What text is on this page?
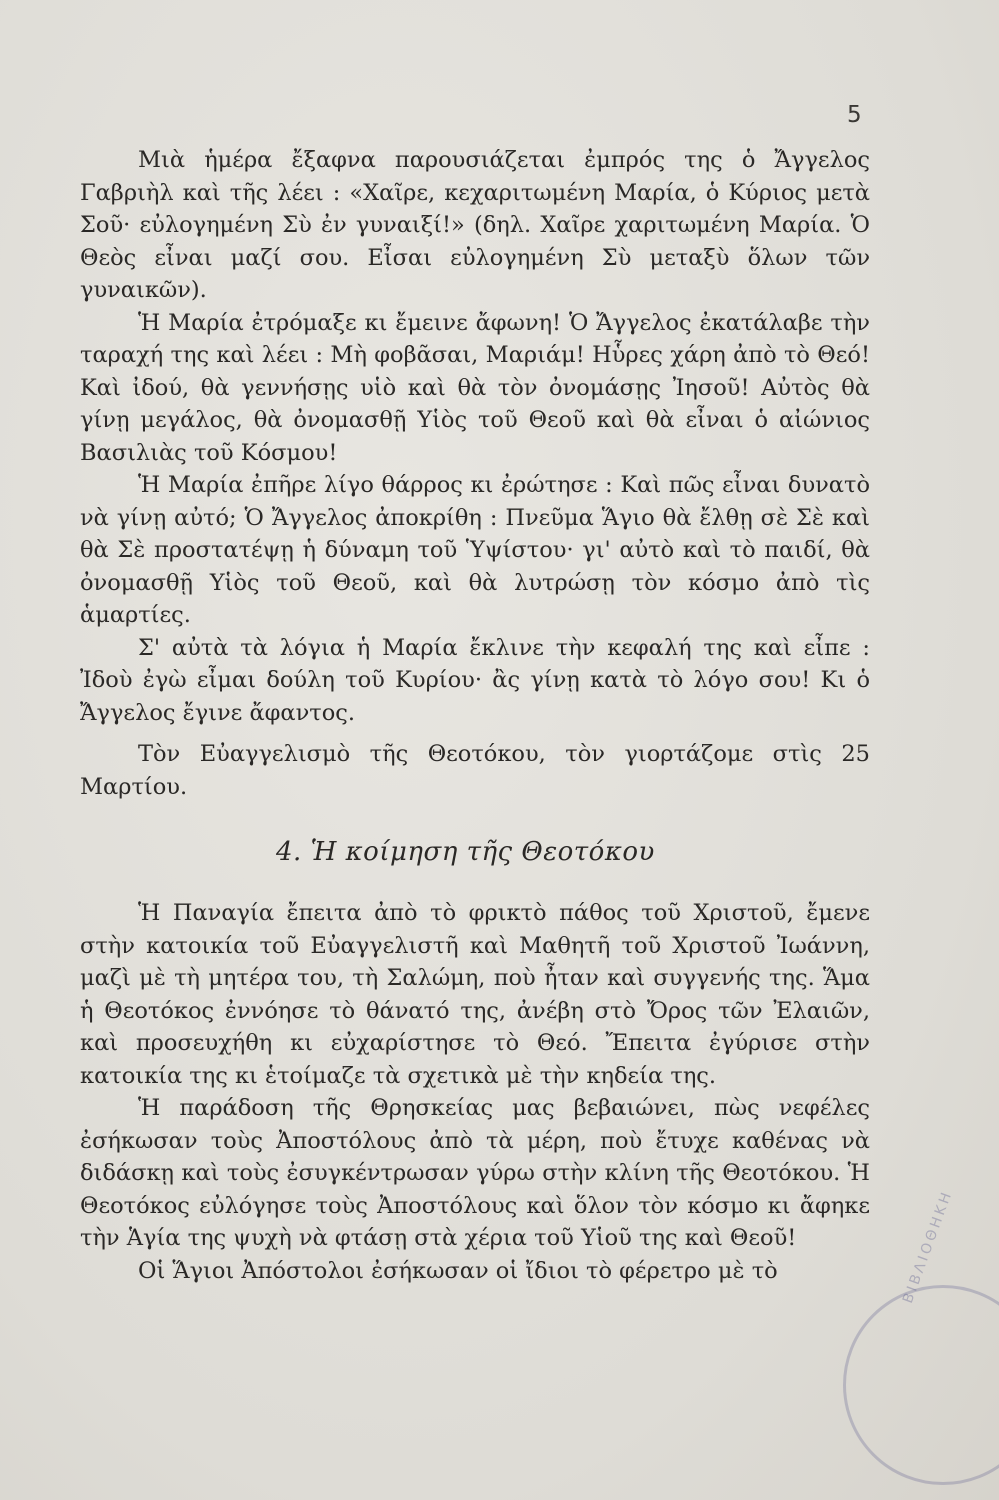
5

Μιὰ ἡμέρα ἔξαφνα παρουσιάζεται ἐμπρός της ὁ Ἄγγελος Γαβριὴλ καὶ τῆς λέει : «Χαῖρε, κεχαριτωμένη Μαρία, ὁ Κύριος μετὰ Σοῦ· εὐλογημένη Σὺ ἐν γυναιξί!» (δηλ. Χαῖρε χαριτωμένη Μαρία. Ὁ Θεὸς εἶναι μαζί σου. Εἶσαι εὐλογημένη Σὺ μεταξὺ ὅλων τῶν γυναικῶν).

Ἡ Μαρία ἐτρόμαξε κι ἔμεινε ἄφωνη! Ὁ Ἄγγελος ἐκατάλαβε τὴν ταραχή της καὶ λέει : Μὴ φοβᾶσαι, Μαριάμ! Ηὗρες χάρη ἀπὸ τὸ Θεό! Καὶ ἰδού, θὰ γεννήσῃς υἱὸ καὶ θὰ τὸν ὀνομάσῃς Ἰησοῦ! Αὐτὸς θὰ γίνῃ μεγάλος, θὰ ὀνομασθῇ Υἱὸς τοῦ Θεοῦ καὶ θὰ εἶναι ὁ αἰώνιος Βασιλιὰς τοῦ Κόσμου!

Ἡ Μαρία ἐπῆρε λίγο θάρρος κι ἐρώτησε : Καὶ πῶς εἶναι δυνατὸ νὰ γίνῃ αὐτό; Ὁ Ἄγγελος ἀποκρίθη : Πνεῦμα Ἅγιο θὰ ἔλθῃ σὲ Σὲ καὶ θὰ Σὲ προστατέψῃ ἡ δύναμη τοῦ Ὑψίστου· γι' αὐτὸ καὶ τὸ παιδί, θὰ ὀνομασθῇ Υἱὸς τοῦ Θεοῦ, καὶ θὰ λυτρώσῃ τὸν κόσμο ἀπὸ τὶς ἁμαρτίες.

Σ' αὐτὰ τὰ λόγια ἡ Μαρία ἔκλινε τὴν κεφαλή της καὶ εἶπε : Ἰδοὺ ἐγὼ εἶμαι δούλη τοῦ Κυρίου· ἂς γίνῃ κατὰ τὸ λόγο σου! Κι ὁ Ἄγγελος ἔγινε ἄφαντος.

Τὸν Εὐαγγελισμὸ τῆς Θεοτόκου, τὸν γιορτάζομε στὶς 25 Μαρτίου.

4. Ἡ κοίμηση τῆς Θεοτόκου

Ἡ Παναγία ἔπειτα ἀπὸ τὸ φρικτὸ πάθος τοῦ Χριστοῦ, ἔμενε στὴν κατοικία τοῦ Εὐαγγελιστῆ καὶ Μαθητῆ τοῦ Χριστοῦ Ἰωάννη, μαζὶ μὲ τὴ μητέρα του, τὴ Σαλώμη, ποὺ ἦταν καὶ συγγενής της. Ἅμα ἡ Θεοτόκος ἐννόησε τὸ θάνατό της, ἀνέβη στὸ Ὄρος τῶν Ἐλαιῶν, καὶ προσευχήθη κι εὐχαρίστησε τὸ Θεό. Ἔπειτα ἐγύρισε στὴν κατοικία της κι ἑτοίμαζε τὰ σχετικὰ μὲ τὴν κηδεία της.

Ἡ παράδοση τῆς Θρησκείας μας βεβαιώνει, πὼς νεφέλες ἐσήκωσαν τοὺς Ἀποστόλους ἀπὸ τὰ μέρη, ποὺ ἔτυχε καθένας νὰ διδάσκῃ καὶ τοὺς ἐσυγκέντρωσαν γύρω στὴν κλίνη τῆς Θεοτόκου. Ἡ Θεοτόκος εὐλόγησε τοὺς Ἀποστόλους καὶ ὅλον τὸν κόσμο κι ἄφηκε τὴν Ἁγία της ψυχὴ νὰ φτάσῃ στὰ χέρια τοῦ Υἱοῦ της καὶ Θεοῦ!

Οἱ Ἅγιοι Ἀπόστολοι ἐσήκωσαν οἱ ἴδιοι τὸ φέρετρο μὲ τὸ	ΒΙΒΛΙΟΘΗΚΗ
